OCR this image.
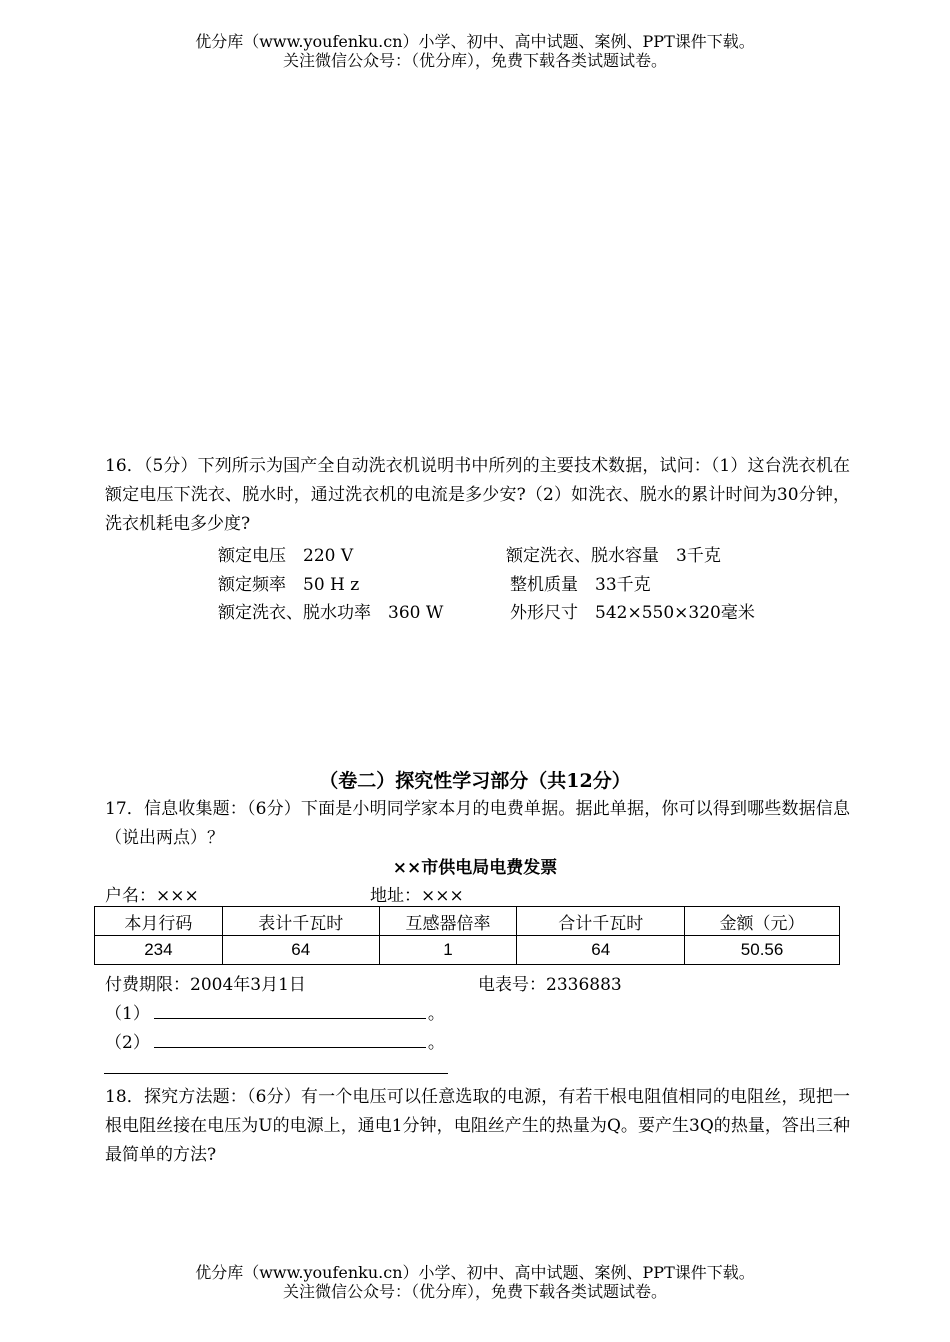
优分库（www.youfenku.cn）小学、初中、高中试题、案例、PPT课件下载。
关注微信公众号：（优分库），免费下载各类试题试卷。
16．（5分）下列所示为国产全自动洗衣机说明书中所列的主要技术数据，试问：（1）这台洗衣机在额定电压下洗衣、脱水时，通过洗衣机的电流是多少安?（2）如洗衣、脱水的累计时间为30分钟，洗衣机耗电多少度?
额定电压　220 V	额定洗衣、脱水容量　3千克
额定频率　50 H z	整机质量　33千克
额定洗衣、脱水功率　360 W	外形尺寸　542×550×320毫米
（卷二）探究性学习部分（共12分）
17．信息收集题：（6分）下面是小明同学家本月的电费单据。据此单据，你可以得到哪些数据信息（说出两点）？
××市供电局电费发票
户名：×××	地址：×××
本月行码	表计千瓦时	互感器倍率	合计千瓦时	金额（元）
234	64	1	64	50.56
付费期限：2004年3月1日	电表号：2336883
（1）	。
（2）	。
18．探究方法题：（6分）有一个电压可以任意选取的电源，有若干根电阻值相同的电阻丝，现把一根电阻丝接在电压为U的电源上，通电1分钟，电阻丝产生的热量为Q。要产生3Q的热量，答出三种最简单的方法?
优分库（www.youfenku.cn）小学、初中、高中试题、案例、PPT课件下载。
关注微信公众号：（优分库），免费下载各类试题试卷。
